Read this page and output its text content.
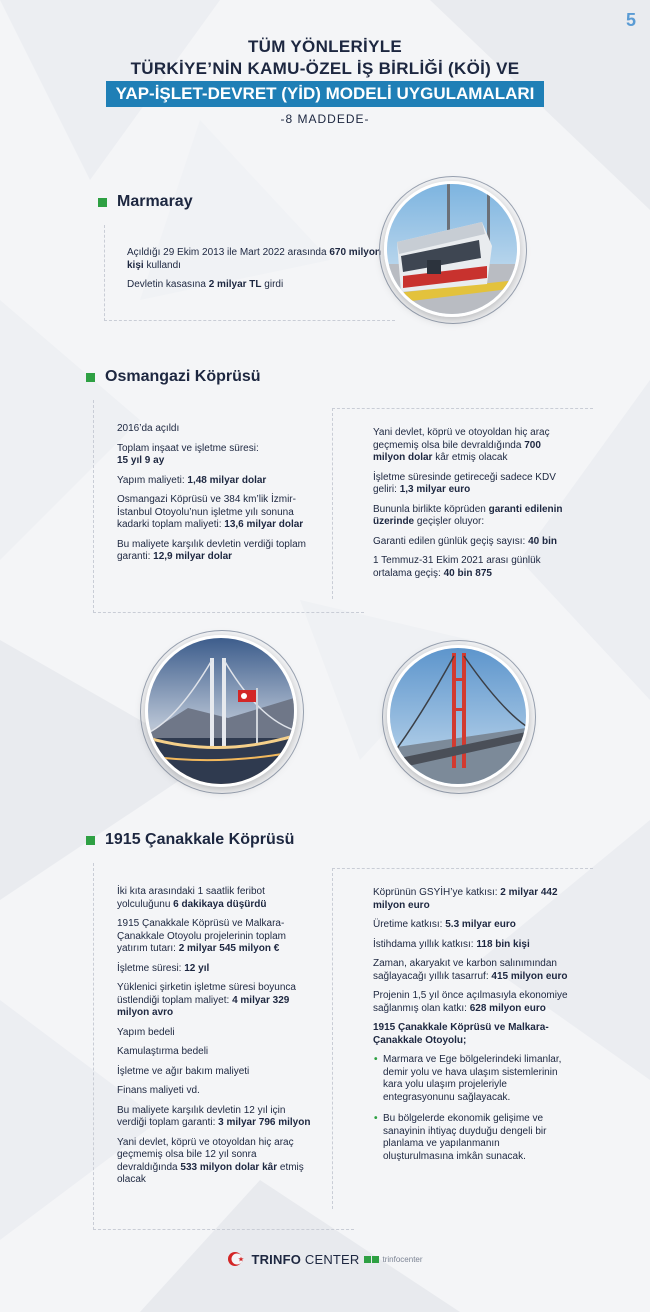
5
TÜM YÖNLERİYLE
TÜRKİYE’NİN KAMU-ÖZEL İŞ BİRLİĞİ (KÖİ) VE
YAP-İŞLET-DEVRET (YİD) MODELİ UYGULAMALARI
-8 MADDEDE-
Marmaray

Açıldığı 29 Ekim 2013 ile Mart 2022 arasında 670 milyon kişi kullandı

Devletin kasasına 2 milyar TL girdi

Osmangazi Köprüsü

2016’da açıldı

Toplam inşaat ve işletme süresi:
15 yıl 9 ay

Yapım maliyeti: 1,48 milyar dolar

Osmangazi Köprüsü ve 384 km’lik İzmir-İstanbul Otoyolu’nun işletme yılı sonuna kadarki toplam maliyeti: 13,6 milyar dolar

Bu maliyete karşılık devletin verdiği toplam garanti: 12,9 milyar dolar

Yani devlet, köprü ve otoyoldan hiç araç geçmemiş olsa bile devraldığında 700 milyon dolar kâr etmiş olacak

İşletme süresinde getireceği sadece KDV geliri: 1,3 milyar euro

Bununla birlikte köprüden garanti edilenin üzerinde geçişler oluyor:

Garanti edilen günlük geçiş sayısı: 40 bin

1 Temmuz-31 Ekim 2021 arası günlük ortalama geçiş: 40 bin 875

1915 Çanakkale Köprüsü

İki kıta arasındaki 1 saatlik feribot yolculuğunu 6 dakikaya düşürdü

1915 Çanakkale Köprüsü ve Malkara-Çanakkale Otoyolu projelerinin toplam yatırım tutarı: 2 milyar 545 milyon €

İşletme süresi: 12 yıl

Yüklenici şirketin işletme süresi boyunca üstlendiği toplam maliyet: 4 milyar 329 milyon avro

Yapım bedeli

Kamulaştırma bedeli

İşletme ve ağır bakım maliyeti

Finans maliyeti vd.

Bu maliyete karşılık devletin 12 yıl için verdiği toplam garanti: 3 milyar 796 milyon

Yani devlet, köprü ve otoyoldan hiç araç geçmemiş olsa bile 12 yıl sonra devraldığında 533 milyon dolar kâr etmiş olacak

Köprünün GSYİH’ye katkısı: 2 milyar 442 milyon euro

Üretime katkısı: 5.3 milyar euro

İstihdama yıllık katkısı: 118 bin kişi

Zaman, akaryakıt ve karbon salınımından sağlayacağı yıllık tasarruf: 415 milyon euro

Projenin 1,5 yıl önce açılmasıyla ekonomiye sağlanmış olan katkı: 628 milyon euro

1915 Çanakkale Köprüsü ve Malkara-Çanakkale Otoyolu;

• Marmara ve Ege bölgelerindeki limanlar, demir yolu ve hava ulaşım sistemlerinin kara yolu ulaşım projeleriyle entegrasyonunu sağlayacak.
• Bu bölgelerde ekonomik gelişime ve sanayinin ihtiyaç duyduğu dengeli bir planlama ve yapılanmanın oluşturulmasına imkân sunacak.
TRINFO CENTER	trinfocenter
